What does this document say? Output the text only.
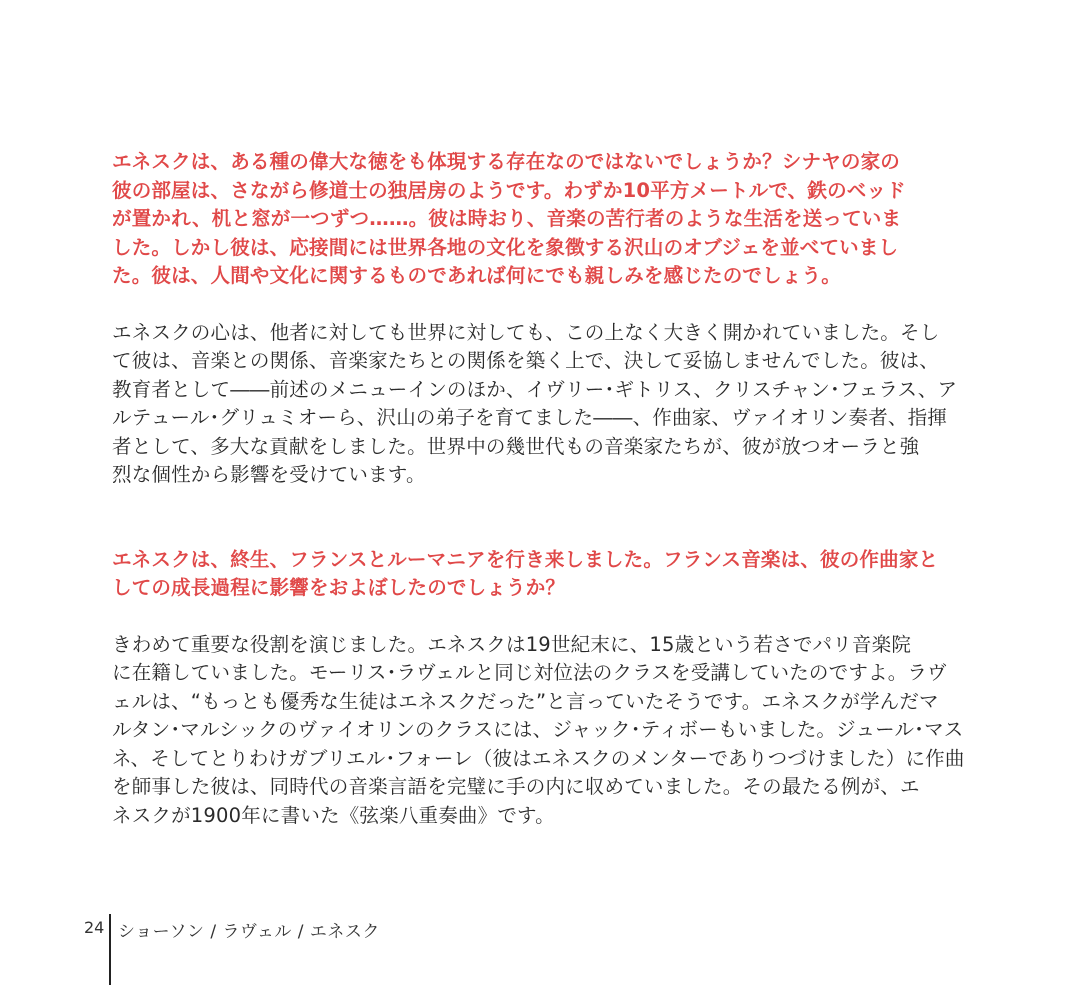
エネスクは、ある種の偉大な徳をも体現する存在なのではないでしょうか？シナヤの家の
彼の部屋は、さながら修道士の独居房のようです。わずか10平方メートルで、鉄のベッド
が置かれ、机と窓が一つずつ……。彼は時おり、音楽の苦行者のような生活を送っていま
した。しかし彼は、応接間には世界各地の文化を象徴する沢山のオブジェを並べていまし
た。彼は、人間や文化に関するものであれば何にでも親しみを感じたのでしょう。

エネスクの心は、他者に対しても世界に対しても、この上なく大きく開かれていました。そし
て彼は、音楽との関係、音楽家たちとの関係を築く上で、決して妥協しませんでした。彼は、
教育者として――前述のメニューインのほか、イヴリー･ギトリス、クリスチャン･フェラス、ア
ルテュール･グリュミオーら、沢山の弟子を育てました――、作曲家、ヴァイオリン奏者、指揮
者として、多大な貢献をしました。世界中の幾世代もの音楽家たちが、彼が放つオーラと強
烈な個性から影響を受けています。

エネスクは、終生、フランスとルーマニアを行き来しました。フランス音楽は、彼の作曲家と
しての成長過程に影響をおよぼしたのでしょうか？

きわめて重要な役割を演じました。エネスクは19世紀末に、15歳という若さでパリ音楽院
に在籍していました。モーリス･ラヴェルと同じ対位法のクラスを受講していたのですよ。ラヴ
ェルは、“もっとも優秀な生徒はエネスクだった”と言っていたそうです。エネスクが学んだマ
ルタン･マルシックのヴァイオリンのクラスには、ジャック･ティボーもいました。ジュール･マス
ネ、そしてとりわけガブリエル･フォーレ（彼はエネスクのメンターでありつづけました）に作曲
を師事した彼は、同時代の音楽言語を完璧に手の内に収めていました。その最たる例が、エ
ネスクが1900年に書いた《弦楽八重奏曲》です。

24 ショーソン / ラヴェル / エネスク
